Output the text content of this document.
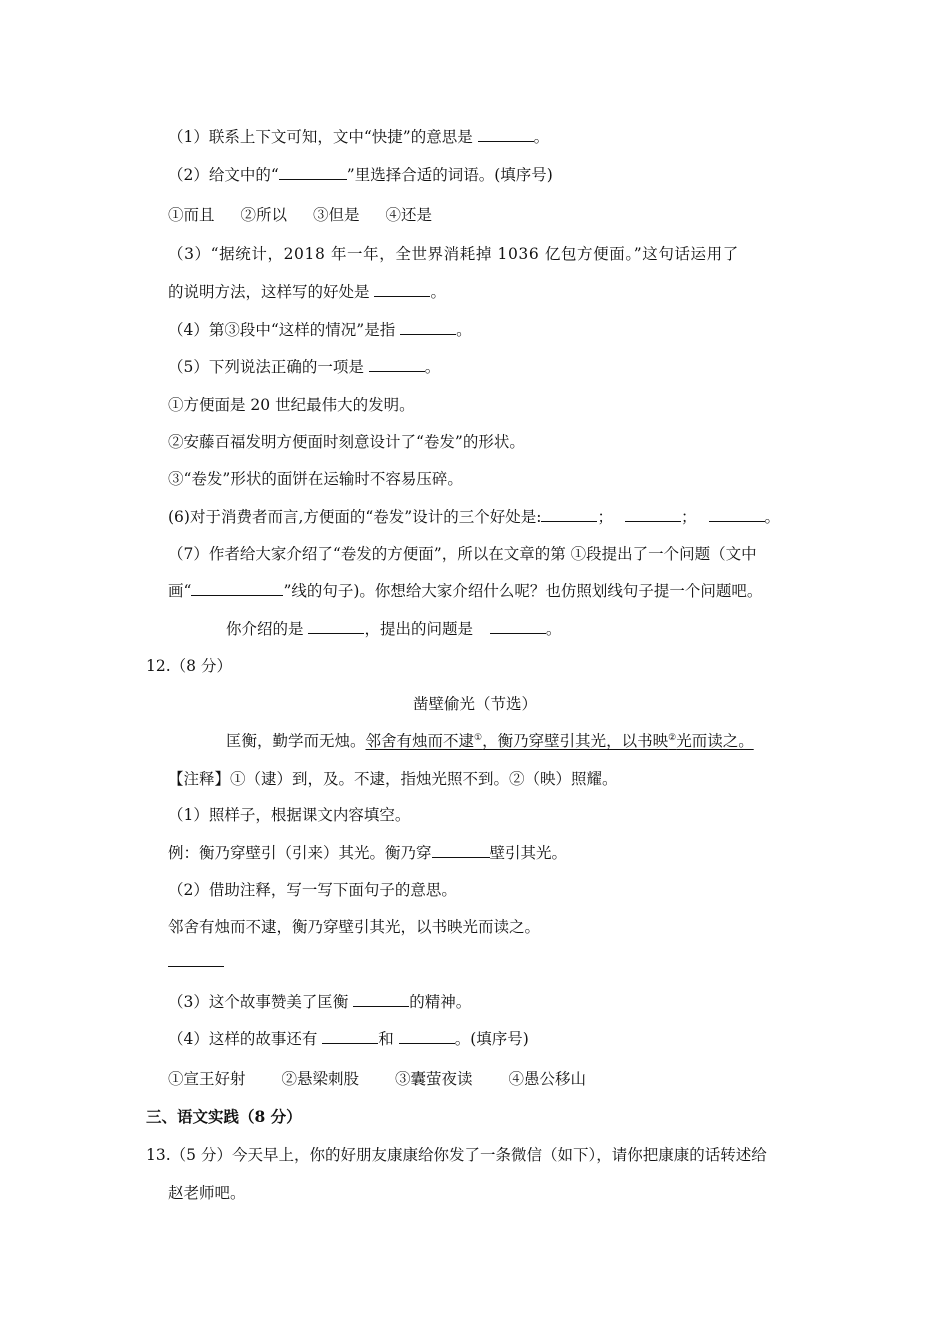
（1）联系上下文可知，文中“快捷”的意思是	。
（2）给文中的“	”里选择合适的词语。(填序号)
①而且 ②所以 ③但是 ④还是
（3）“据统计，2018 年一年，全世界消耗掉 1036 亿包方便面。”这句话运用了
的说明方法，这样写的好处是	。
（4）第③段中“这样的情况”是指	。
（5）下列说法正确的一项是	。
①方便面是 20 世纪最伟大的发明。
②安藤百福发明方便面时刻意设计了“卷发”的形状。
③“卷发”形状的面饼在运输时不容易压碎。
(6)对于消费者而言,方便面的“卷发”设计的三个好处是:	；	；	。
（7）作者给大家介绍了“卷发的方便面”，所以在文章的第 ①段提出了一个问题（文中
画“	”线的句子)。你想给大家介绍什么呢？也仿照划线句子提一个问题吧。
你介绍的是	，提出的问题是	。
12.（8 分）
凿壁偷光（节选）
匡衡，勤学而无烛。邻舍有烛而不逮①，衡乃穿壁引其光，以书映②光而读之。
【注释】①（逮）到，及。不逮，指烛光照不到。②（映）照耀。
（1）照样子，根据课文内容填空。
例：衡乃穿壁引（引来）其光。衡乃穿	壁引其光。
（2）借助注释，写一写下面句子的意思。
邻舍有烛而不逮，衡乃穿壁引其光，以书映光而读之。
（3）这个故事赞美了匡衡	的精神。
（4）这样的故事还有	和	。(填序号)
①宣王好射 ②悬梁刺股 ③囊萤夜读 ④愚公移山
三、语文实践（8 分）
13.（5 分）今天早上，你的好朋友康康给你发了一条微信（如下），请你把康康的话转述给
赵老师吧。
